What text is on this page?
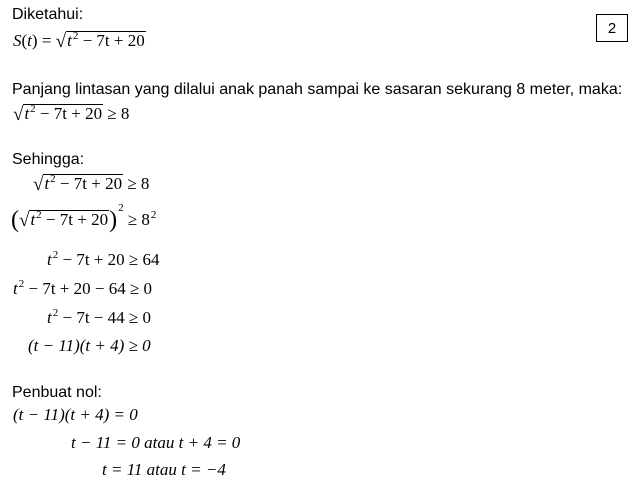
2
Diketahui:
$S(t) = √t^2 - 7t + 20$
Panjang lintasan yang dilalui anak panah sampai ke sasaran sekurang 8 meter, maka:
$√t^2 - 7t + 20 \ge 8$
Sehingga:
$√t^2 - 7t + 20 \ge 8$
$(√t^2 - 7t + 20)^2 \ge 8^2$
$t^2 - 7t + 20 \ge 64$
$t^2 - 7t + 20 - 64 \ge 0$
$t^2 - 7t - 44 \ge 0$
(t − 11)(t + 4) ≥ 0
Penbuat nol:
(t − 11)(t + 4) = 0
t − 11 = 0 atau t + 4 = 0
t = 11 atau t = −4
